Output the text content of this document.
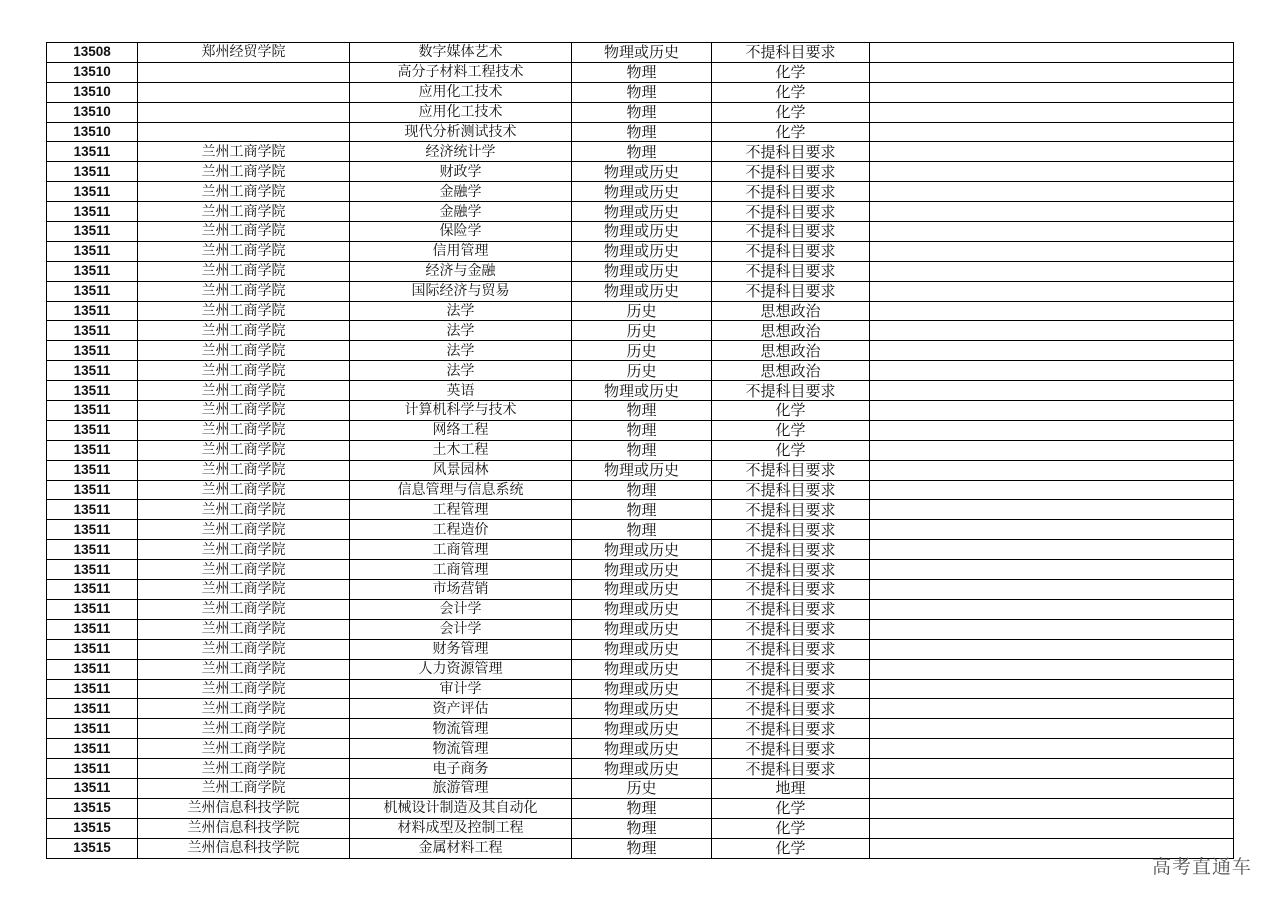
13508	郑州经贸学院	数字媒体艺术	物理或历史	不提科目要求	
13510		高分子材料工程技术	物理	化学	
13510		应用化工技术	物理	化学	
13510		应用化工技术	物理	化学	
13510		现代分析测试技术	物理	化学	
13511	兰州工商学院	经济统计学	物理	不提科目要求	
13511	兰州工商学院	财政学	物理或历史	不提科目要求	
13511	兰州工商学院	金融学	物理或历史	不提科目要求	
13511	兰州工商学院	金融学	物理或历史	不提科目要求	
13511	兰州工商学院	保险学	物理或历史	不提科目要求	
13511	兰州工商学院	信用管理	物理或历史	不提科目要求	
13511	兰州工商学院	经济与金融	物理或历史	不提科目要求	
13511	兰州工商学院	国际经济与贸易	物理或历史	不提科目要求	
13511	兰州工商学院	法学	历史	思想政治	
13511	兰州工商学院	法学	历史	思想政治	
13511	兰州工商学院	法学	历史	思想政治	
13511	兰州工商学院	法学	历史	思想政治	
13511	兰州工商学院	英语	物理或历史	不提科目要求	
13511	兰州工商学院	计算机科学与技术	物理	化学	
13511	兰州工商学院	网络工程	物理	化学	
13511	兰州工商学院	土木工程	物理	化学	
13511	兰州工商学院	风景园林	物理或历史	不提科目要求	
13511	兰州工商学院	信息管理与信息系统	物理	不提科目要求	
13511	兰州工商学院	工程管理	物理	不提科目要求	
13511	兰州工商学院	工程造价	物理	不提科目要求	
13511	兰州工商学院	工商管理	物理或历史	不提科目要求	
13511	兰州工商学院	工商管理	物理或历史	不提科目要求	
13511	兰州工商学院	市场营销	物理或历史	不提科目要求	
13511	兰州工商学院	会计学	物理或历史	不提科目要求	
13511	兰州工商学院	会计学	物理或历史	不提科目要求	
13511	兰州工商学院	财务管理	物理或历史	不提科目要求	
13511	兰州工商学院	人力资源管理	物理或历史	不提科目要求	
13511	兰州工商学院	审计学	物理或历史	不提科目要求	
13511	兰州工商学院	资产评估	物理或历史	不提科目要求	
13511	兰州工商学院	物流管理	物理或历史	不提科目要求	
13511	兰州工商学院	物流管理	物理或历史	不提科目要求	
13511	兰州工商学院	电子商务	物理或历史	不提科目要求	
13511	兰州工商学院	旅游管理	历史	地理	
13515	兰州信息科技学院	机械设计制造及其自动化	物理	化学	
13515	兰州信息科技学院	材料成型及控制工程	物理	化学	
13515	兰州信息科技学院	金属材料工程	物理	化学	
高考直通车
